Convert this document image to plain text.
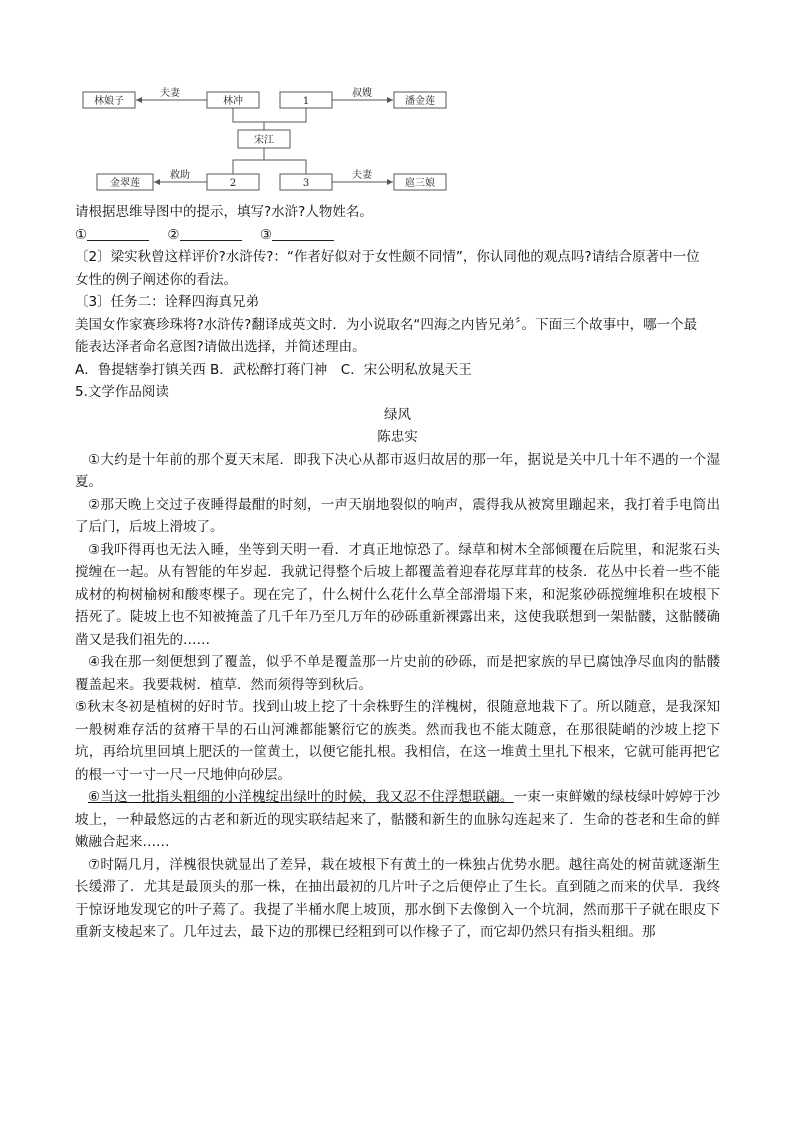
林娘子	林冲	1	潘金莲
宋江
金翠莲	2	3	扈三娘
夫妻	叔嫂
救助	夫妻

请根据思维导图中的提示，填写?水浒?人物姓名。

①	②	③

〔2〕梁实秋曾这样评价?水浒传?：“作者好似对于女性颇不同情”，你认同他的观点吗?请结合原著中一位

女性的例子阐述你的看法。

〔3〕任务二：诠释四海真兄弟

美国女作家赛珍珠将?水浒传?翻译成英文时．为小说取名“四海之内皆兄弟〞。下面三个故事中，哪一个最

能表达泽者命名意图?请做出选择，并简述理由。

A．鲁提辖拳打镇关西 B．武松醉打蒋门神　C．宋公明私放晁天王

5.文学作品阅读

绿风

陈忠实

①大约是十年前的那个夏天末尾．即我下决心从都市返归故居的那一年，据说是关中几十年不遇的一个湿夏。

②那天晚上交过子夜睡得最酣的时刻，一声天崩地裂似的响声，震得我从被窝里蹦起来，我打着手电筒出了后门，后坡上滑坡了。

③我吓得再也无法入睡，坐等到天明一看．才真正地惊恐了。绿草和树木全部倾覆在后院里，和泥浆石头搅缠在一起。从有智能的年岁起．我就记得整个后坡上都覆盖着迎春花厚茸茸的枝条．花丛中长着一些不能成材的枸树榆树和酸枣棵子。现在完了，什么树什么花什么草全部滑塌下来，和泥浆砂砾搅缠堆积在坡根下捂死了。陡坡上也不知被掩盖了几千年乃至几万年的砂砾重新裸露出来，这使我联想到一架骷髅，这骷髅确凿又是我们祖先的……

④我在那一刻便想到了覆盖，似乎不单是覆盖那一片史前的砂砾，而是把家族的早已腐蚀净尽血肉的骷髅覆盖起来。我要栽树．植草．然而须得等到秋后。

⑤秋末冬初是植树的好时节。找到山坡上挖了十余株野生的洋槐树，很随意地栽下了。所以随意，是我深知一般树难存活的贫瘠干旱的石山河滩都能繁衍它的族类。然而我也不能太随意，在那很陡峭的沙坡上挖下坑，再给坑里回填上肥沃的一筐黄土，以便它能扎根。我相信，在这一堆黄土里扎下根来，它就可能再把它的根一寸一寸一尺一尺地伸向砂层。

⑥当这一批指头粗细的小洋槐绽出绿叶的时候，我又忍不住浮想联翩。一束一束鲜嫩的绿枝绿叶婷婷于沙坡上，一种最悠远的古老和新近的现实联结起来了，骷髅和新生的血脉勾连起来了．生命的苍老和生命的鲜嫩融合起来……

⑦时隔几月，洋槐很快就显出了差异，栽在坡根下有黄土的一株独占优势水肥。越往高处的树苗就逐渐生长缓滞了．尤其是最顶头的那一株，在抽出最初的几片叶子之后便停止了生长。直到随之而来的伏旱．我终于惊讶地发现它的叶子蔫了。我提了半桶水爬上坡顶，那水倒下去像倒入一个坑洞，然而那干子就在眼皮下重新支棱起来了。几年过去，最下边的那棵已经粗到可以作椽子了，而它却仍然只有指头粗细。那
